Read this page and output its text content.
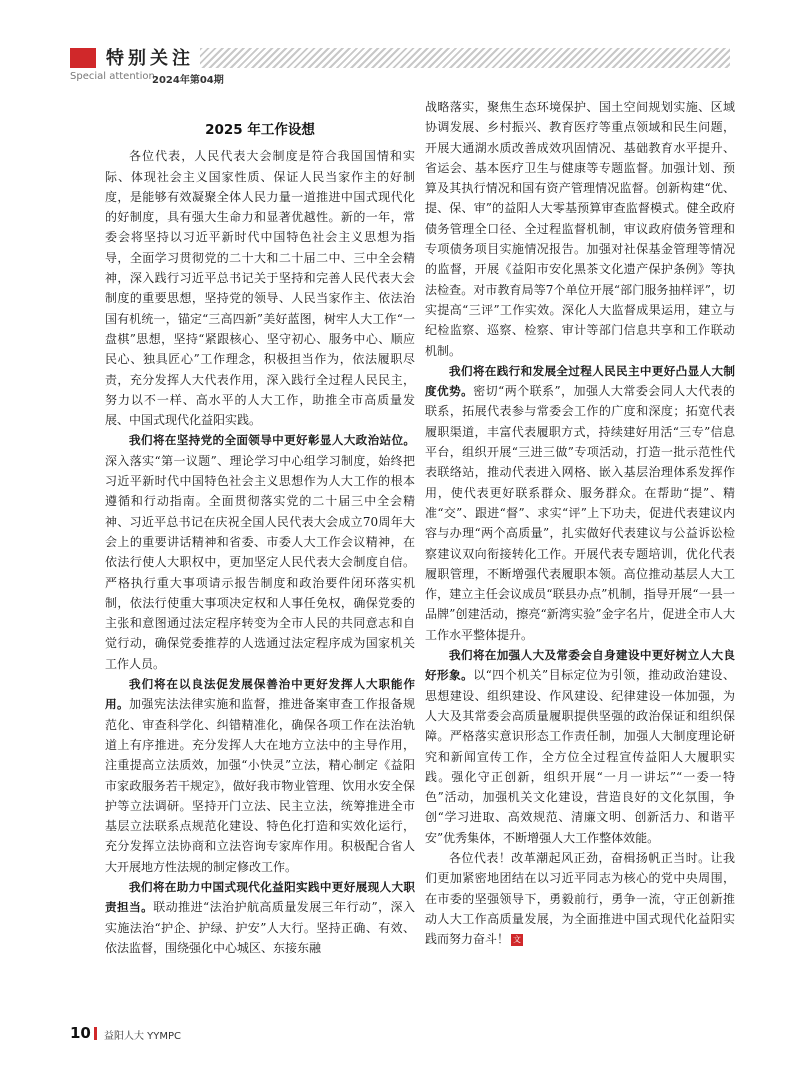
特别关注
Special attention
2024年第04期
2025 年工作设想

各位代表，人民代表大会制度是符合我国国情和实际、体现社会主义国家性质、保证人民当家作主的好制度，是能够有效凝聚全体人民力量一道推进中国式现代化的好制度，具有强大生命力和显著优越性。新的一年，常委会将坚持以习近平新时代中国特色社会主义思想为指导，全面学习贯彻党的二十大和二十届二中、三中全会精神，深入践行习近平总书记关于坚持和完善人民代表大会制度的重要思想，坚持党的领导、人民当家作主、依法治国有机统一，锚定“三高四新”美好蓝图，树牢人大工作“一盘棋”思想，坚持“紧跟核心、坚守初心、服务中心、顺应民心、独具匠心”工作理念，积极担当作为，依法履职尽责，充分发挥人大代表作用，深入践行全过程人民民主，努力以不一样、高水平的人大工作，助推全市高质量发展、中国式现代化益阳实践。

我们将在坚持党的全面领导中更好彰显人大政治站位。深入落实“第一议题”、理论学习中心组学习制度，始终把习近平新时代中国特色社会主义思想作为人大工作的根本遵循和行动指南。全面贯彻落实党的二十届三中全会精神、习近平总书记在庆祝全国人民代表大会成立70周年大会上的重要讲话精神和省委、市委人大工作会议精神，在依法行使人大职权中，更加坚定人民代表大会制度自信。严格执行重大事项请示报告制度和政治要件闭环落实机制，依法行使重大事项决定权和人事任免权，确保党委的主张和意图通过法定程序转变为全市人民的共同意志和自觉行动，确保党委推荐的人选通过法定程序成为国家机关工作人员。

我们将在以良法促发展保善治中更好发挥人大职能作用。加强宪法法律实施和监督，推进备案审查工作报备规范化、审查科学化、纠错精准化，确保各项工作在法治轨道上有序推进。充分发挥人大在地方立法中的主导作用，注重提高立法质效，加强“小快灵”立法，精心制定《益阳市家政服务若干规定》，做好我市物业管理、饮用水安全保护等立法调研。坚持开门立法、民主立法，统筹推进全市基层立法联系点规范化建设、特色化打造和实效化运行，充分发挥立法协商和立法咨询专家库作用。积极配合省人大开展地方性法规的制定修改工作。

我们将在助力中国式现代化益阳实践中更好展现人大职责担当。联动推进“法治护航高质量发展三年行动”，深入实施法治“护企、护绿、护安”人大行。坚持正确、有效、依法监督，围绕强化中心城区、东接东融

战略落实，聚焦生态环境保护、国土空间规划实施、区域协调发展、乡村振兴、教育医疗等重点领域和民生问题，开展大通湖水质改善成效巩固情况、基础教育水平提升、省运会、基本医疗卫生与健康等专题监督。加强计划、预算及其执行情况和国有资产管理情况监督。创新构建“优、提、保、审”的益阳人大零基预算审查监督模式。健全政府债务管理全口径、全过程监督机制，审议政府债务管理和专项债务项目实施情况报告。加强对社保基金管理等情况的监督，开展《益阳市安化黑茶文化遗产保护条例》等执法检查。对市教育局等7个单位开展“部门服务抽样评”，切实提高“三评”工作实效。深化人大监督成果运用，建立与纪检监察、巡察、检察、审计等部门信息共享和工作联动机制。

我们将在践行和发展全过程人民民主中更好凸显人大制度优势。密切“两个联系”，加强人大常委会同人大代表的联系，拓展代表参与常委会工作的广度和深度；拓宽代表履职渠道，丰富代表履职方式，持续建好用活“三专”信息平台，组织开展“三进三做”专项活动，打造一批示范性代表联络站，推动代表进入网格、嵌入基层治理体系发挥作用，使代表更好联系群众、服务群众。在帮助“提”、精准“交”、跟进“督”、求实“评”上下功夫，促进代表建议内容与办理“两个高质量”，扎实做好代表建议与公益诉讼检察建议双向衔接转化工作。开展代表专题培训，优化代表履职管理，不断增强代表履职本领。高位推动基层人大工作，建立主任会议成员“联县办点”机制，指导开展“一县一品牌”创建活动，擦亮“新湾实验”金字名片，促进全市人大工作水平整体提升。

我们将在加强人大及常委会自身建设中更好树立人大良好形象。以“四个机关”目标定位为引领，推动政治建设、思想建设、组织建设、作风建设、纪律建设一体加强，为人大及其常委会高质量履职提供坚强的政治保证和组织保障。严格落实意识形态工作责任制，加强人大制度理论研究和新闻宣传工作，全方位全过程宣传益阳人大履职实践。强化守正创新，组织开展“一月一讲坛”“一委一特色”活动，加强机关文化建设，营造良好的文化氛围，争创“学习进取、高效规范、清廉文明、创新活力、和谐平安”优秀集体，不断增强人大工作整体效能。

各位代表！改革潮起风正劲，奋楫扬帆正当时。让我们更加紧密地团结在以习近平同志为核心的党中央周围，在市委的坚强领导下，勇毅前行，勇争一流，守正创新推动人大工作高质量发展，为全面推进中国式现代化益阳实践而努力奋斗！ 文

10 益阳人大 YYMPC
